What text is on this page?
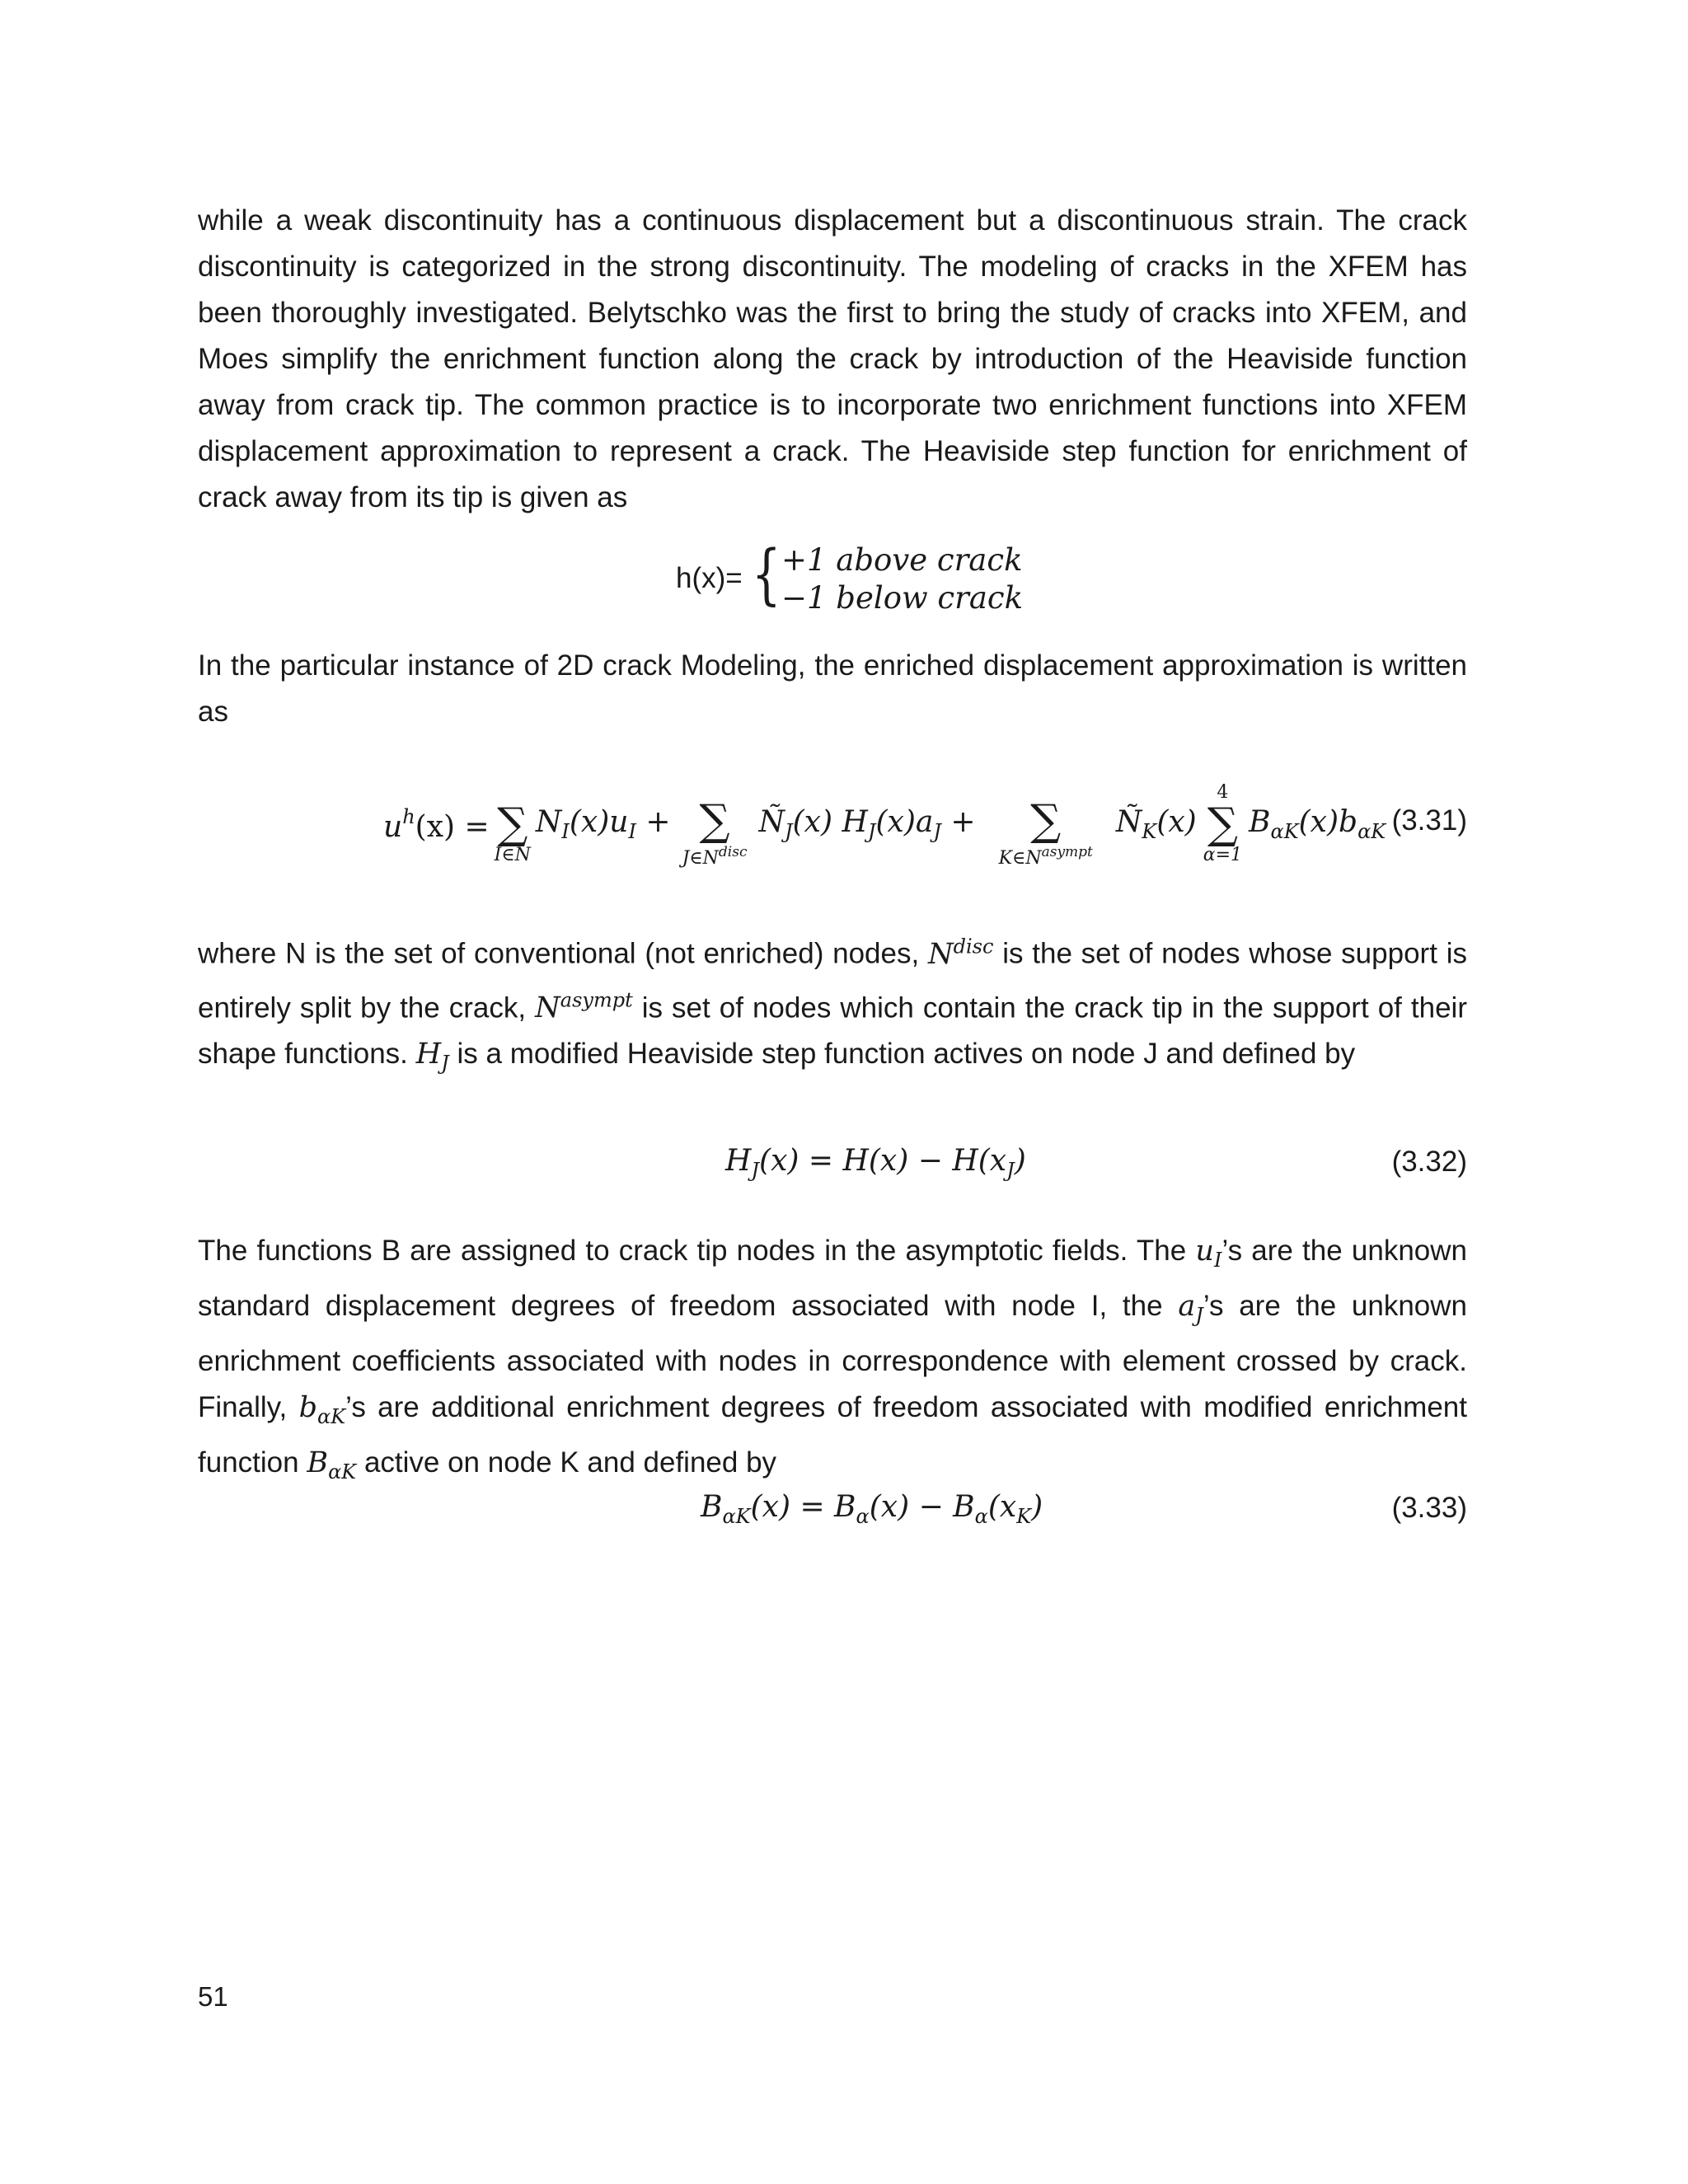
while a weak discontinuity has a continuous displacement but a discontinuous strain. The crack discontinuity is categorized in the strong discontinuity. The modeling of cracks in the XFEM has been thoroughly investigated. Belytschko was the first to bring the study of cracks into XFEM, and Moes simplify the enrichment function along the crack by introduction of the Heaviside function away from crack tip. The common practice is to incorporate two enrichment functions into XFEM displacement approximation to represent a crack. The Heaviside step function for enrichment of crack away from its tip is given as

h(x)= { +1 above crack
−1 below crack

In the particular instance of 2D crack Modeling, the enriched displacement approximation is written as

$u^h(x)$ =
∑
I∈N
$N_I(x)u_I$ +
∑
$J\in N^{disc}$
$Ñ_J(x) H_J(x)a_J$ +
	∑
$K\in N^{asympt}$
$Ñ_K(x)$
4
∑
α=1
$B_{\alpha K}(x)b_{\alpha K}$ (3.31)

where N is the set of conventional (not enriched) nodes, $N^{disc}$ is the set of nodes whose support is entirely split by the crack, $N^{asympt}$ is set of nodes which contain the crack tip in the support of their shape functions. $H_J$ is a modified Heaviside step function actives on node J and defined by

$H_J(x) = H(x) - H(x_J)$	(3.32)

The functions B are assigned to crack tip nodes in the asymptotic fields. The $u_I’s$ are the unknown standard displacement degrees of freedom associated with node I, the $a_J’s$ are the unknown enrichment coefficients associated with nodes in correspondence with element crossed by crack. Finally, $b_{\alpha K}’s$ are additional enrichment degrees of freedom associated with modified enrichment function $B_{\alpha K}$ active on node K and defined by

$B_{\alpha K}(x) = B_\alpha(x) - B_\alpha(x_K)$	(3.33)
51
